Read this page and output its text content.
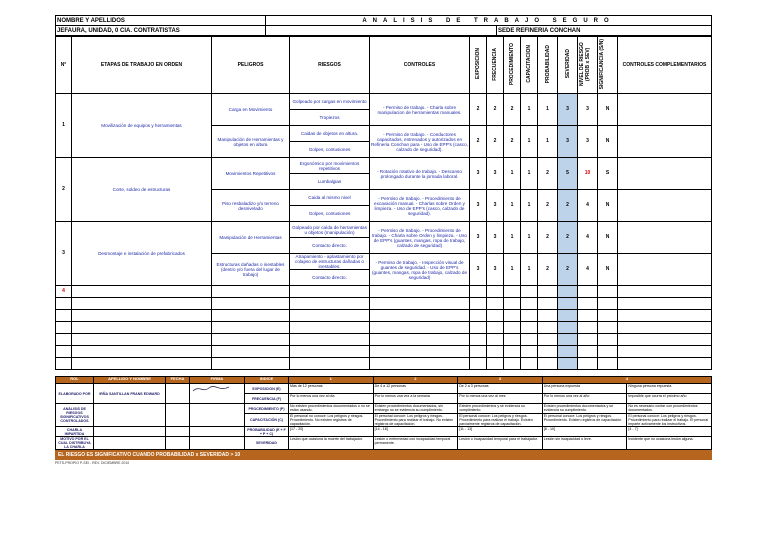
NOMBRE Y APELLIDOS	ANALISIS DE TRABAJO SEGURO	
JEFAURA, UNIDAD, 0 CIA. CONTRATISTAS		SEDE REFINERIA CONCHAN
N°	ETAPAS DE TRABAJO EN ORDEN	PELIGROS	RIESGOS	CONTROLES	EXPOSICION	FRECUENCIA	PROCEDIMIENTO	CAPACITACION	PROBABILIDAD	SEVERIDAD	NIVEL DE RIESGO (PROB x SEV)	SIGNIFICANCIA (S/N)	CONTROLES COMPLEMENTARIOS
1	Movilización de equipos y herramientas	Carga en Movimiento	Golpeado por cargas en movimiento	- Permiso de trabajo. - Charla sobre manipulacion de herramientas manuales.	2	2	2	1	1	3	3	N	
			Tropiezos										
		Manipulación de Herramientas y objetos en altura	Caidas de objetos en altura.	- Permiso de trabajo. - Conductores capacitados, entrenados y autorizados en Refineria Conchan para - Uso de EPP's (casco, calzado de seguridad).	2	2	2	1	1	3	3	N	
			Golpes, contusiones										
2	Corte, soldeo de estructuras	Movimientos Repetitivos	Ergonómico por movimientos repetitivos	- Rotación rotativo de trabajo. - Descanso prolongado durante la jornada laboral.	3	3	1	1	2	5	10	S	
			Lumbalgias										
		Piso resbaladizo y/o terreno desnivelado	Caida al mismo nivel	- Permiso de trabajo. - Procedimiento de excavación manual. - Charlas sobre Orden y limpieza. - Uso de EPP's (casco, calzado de seguridad).	3	3	1	1	2	2	4	N	
			Golpes, contusiones										
3	Desmontaje e instalación de prefabricados	Manipulación de Herramientas	Golpeado por caída de herramientas u objetos (manipulación)	- Permiso de trabajo. - Procedimiento de trabajo. - Charla sobre Orden y limpieza. - Uso de EPP's (guantes, mangas, ropa de trabajo, calzado de seguridad)	3	3	1	1	2	2	4	N	
			Contacto directo.										
		Estructuras dañadas o inestables (dentro y/o fuera del lugar de trabajo)	Atrapamiento - aplastamiento por colapso de estructuras dañadas o inestables.	- Permiso de trabajo. - Inspección visual de guantes de seguridad. - Uso de EPP's (guantes, mangas, ropa de trabajo, calzado de seguridad)	3	3	1	1	2	2	4	N	
			Contacto directo.										
4													

ROL	APELLIDO Y NOMBRE	FECHA	FIRMA	INDICE	1	2	3	4	
ELABORADO POR	IRÑA SANTILLAN FRANS EDWARD			EXPOSICION (E)	Más de 12 personas	De 4 a 12 personas	De 2 a 3 personas	Una persona expuesta	Ninguna persona expuesta
				FRECUENCIA (F)	Por lo menos una vez al día	Por lo menos una vez a la semana	Por lo menos una vez al mes	Por lo menos una vez al año	Imposible que ocurra el próximo año
ANÁLISIS DE RIESGOS SIGNIFICATIVOS CONTROLADOS				PROCEDIMIENTO (P)	No existen procedimientos documentados o no se están usando.	Existen procedimientos documentados, sin embargo no se evidencia su cumplimiento.	Existen procedimientos y se evidencia su cumplimiento.	Existen procedimientos documentados y se evidencia su cumplimiento.	No es necesario contar con procedimientos documentados.
				CAPACITACIÓN (C)	El personal no conoce: Los peligros y riesgos. Procedimiento. No existen registros de capacitación.	El personal conoce: Los peligros y riesgos. Procedimiento para realizar el trabajo. No existen registros de capacitación.	El personal conoce: Los peligros y riesgos. Procedimiento para realizar el trabajo. Existen parcialmente registros de capacitación.	El personal conoce: Los peligros y riesgos. Procedimiento. Existen registros de capacitación.	El personal conoce: Los peligros y riesgos. Procedimiento para realizar el trabajo. El personal imparte activamente los instructivos.
CHARLA IMPARTIDA				PROBABILIDAD (E + F + P + C)	[17 - 20]	[14 - 16]	[11 - 13]	[8 - 10]	[4 - 7]
MOTIVO POR EL CUAL DISTRIBUYA LA CHARLA				SEVERIDAD	Lesión que ocasiona la muerte del trabajador.	Lesión o enfermedad con incapacidad temporal permanente.	Lesión o incapacidad temporal para el trabajador.	Lesión sin incapacidad o leve.	Incidente que no ocasiona lesión alguna.
EL RIESGO ES SIGNIFICATIVO CUANDO PROBABILIDAD x SEVERIDAD > 10
PETS-PROPIO P-SEI - REV. DICIEMBRE 2010
